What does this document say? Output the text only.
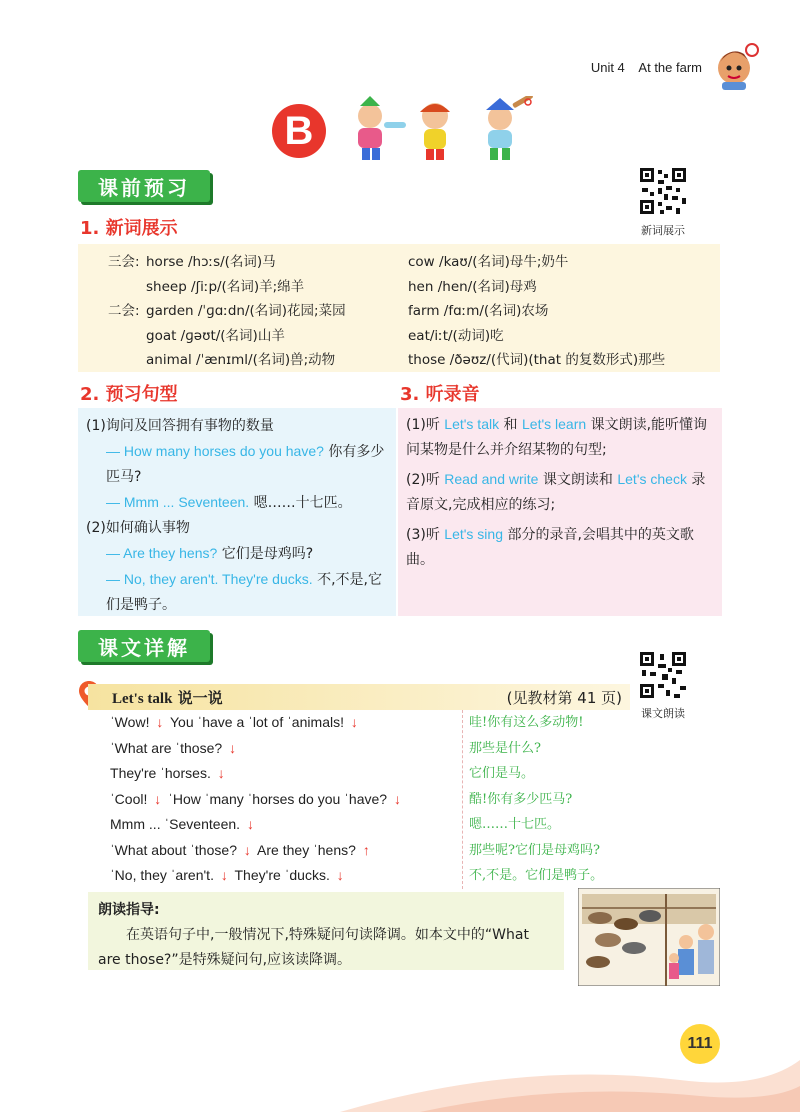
Unit 4 At the farm
B
课前预习
新词展示
1. 新词展示
三会: horse /hɔːs/(名词)马
sheep /ʃiːp/(名词)羊;绵羊
二会: garden /ˈɡɑːdn/(名词)花园;菜园
goat /ɡəʊt/(名词)山羊
animal /ˈænɪml/(名词)兽;动物
cow /kaʊ/(名词)母牛;奶牛
hen /hen/(名词)母鸡
farm /fɑːm/(名词)农场
eat/iːt/(动词)吃
those /ðəʊz/(代词)(that 的复数形式)那些
2. 预习句型
(1)询问及回答拥有事物的数量
— How many horses do you have? 你有多少匹马?
— Mmm ... Seventeen. 嗯……十七匹。
(2)如何确认事物
— Are they hens? 它们是母鸡吗?
— No, they aren't. They're ducks. 不,不是,它们是鸭子。
3. 听录音
(1)听 Let's talk 和 Let's learn 课文朗读,能听懂询问某物是什么并介绍某物的句型;
(2)听 Read and write 课文朗读和 Let's check 录音原文,完成相应的练习;
(3)听 Let's sing 部分的录音,会唱其中的英文歌曲。
课文详解
课文朗读
Let's talk 说一说	(见教材第 41 页)
ˈWow! ↓ You ˈhave a ˈlot of ˈanimals! ↓
ˈWhat are ˈthose? ↓
They're ˈhorses. ↓
ˈCool! ↓ ˈHow ˈmany ˈhorses do you ˈhave? ↓
Mmm ... ˈSeventeen. ↓
ˈWhat about ˈthose? ↓ Are they ˈhens? ↑
ˈNo, they ˈaren't. ↓ They're ˈducks. ↓
哇!你有这么多动物!
那些是什么?
它们是马。
酷!你有多少匹马?
嗯……十七匹。
那些呢?它们是母鸡吗?
不,不是。它们是鸭子。
朗读指导:
在英语句子中,一般情况下,特殊疑问句读降调。如本文中的“What are those?”是特殊疑问句,应该读降调。
111
